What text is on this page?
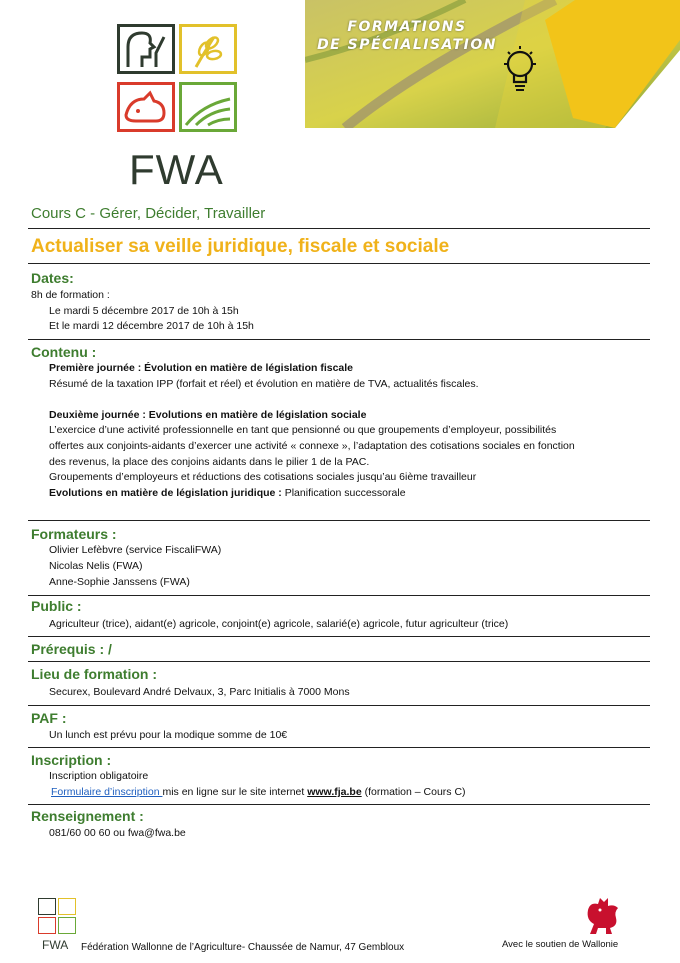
FWA
FORMATIONS
DE SPÉCIALISATION
Cours C - Gérer, Décider, Travailler
Actualiser sa veille juridique, fiscale et sociale
Dates:
8h de formation :
Le mardi 5 décembre 2017 de 10h à 15h
Et le mardi 12 décembre 2017 de 10h à 15h
Contenu :
Première journée : Évolution en matière de législation fiscale
Résumé de la taxation IPP (forfait et réel) et évolution en matière de TVA, actualités fiscales.
Deuxième journée : Evolutions en matière de législation sociale
L’exercice d’une activité professionnelle en tant que pensionné ou que groupements d’employeur, possibilités
offertes aux conjoints-aidants d’exercer une activité « connexe », l’adaptation des cotisations sociales en fonction
des revenus, la place des conjoins aidants dans le pilier 1 de la PAC.
Groupements d’employeurs et réductions des cotisations sociales jusqu’au 6ième travailleur
Evolutions en matière de législation juridique : Planification successorale
Formateurs :
Olivier Lefèbvre (service FiscaliFWA)
Nicolas Nelis (FWA)
Anne-Sophie Janssens (FWA)
Public :
Agriculteur (trice), aidant(e) agricole, conjoint(e) agricole, salarié(e) agricole, futur agriculteur (trice)
Prérequis : /
Lieu de formation :
Securex, Boulevard André Delvaux, 3, Parc Initialis à 7000 Mons
PAF :
Un lunch est prévu pour la modique somme de 10€
Inscription :
Inscription obligatoire
Formulaire d’inscription mis en ligne sur le site internet www.fja.be (formation – Cours C)
Renseignement :
081/60 00 60 ou fwa@fwa.be
FWA Fédération Wallonne de l’Agriculture- Chaussée de Namur, 47 Gembloux	Avec le soutien de Wallonie
